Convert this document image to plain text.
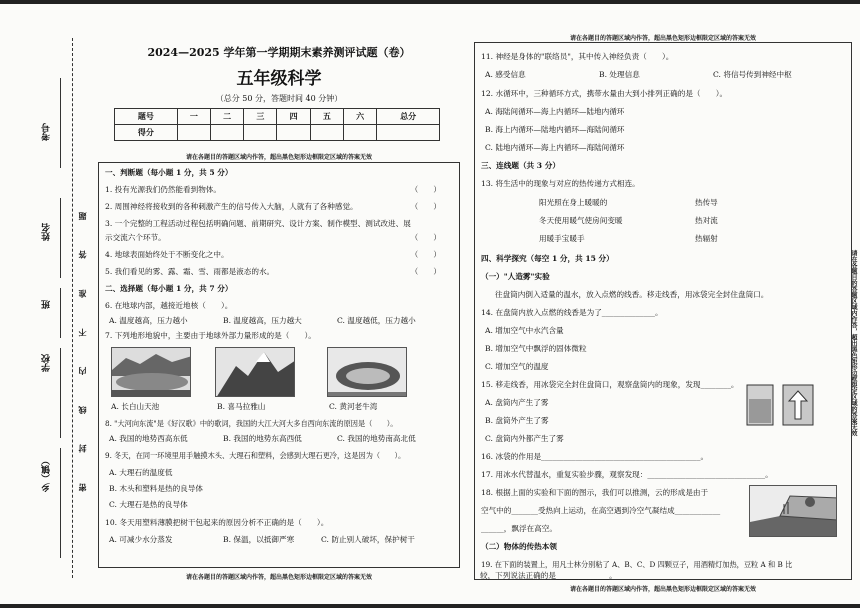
考号
姓名
班
学校
乡（镇）	密 封 线 内 不 准 答 题
2024—2025 学年第一学期期末素养测评试题（卷）
五年级科学
（总分 50 分，答题时间 40 分钟）
题号	一	二	三	四	五	六	总分
得分							
请在各题目的答题区域内作答，超出黑色矩形边框限定区域的答案无效
请在各题目的答题区域内作答，超出黑色矩形边框限定区域的答案无效
请在各题目的答题区域内作答，超出黑色矩形边框限定区域的答案无效
请在各题目的答题区域内作答，超出黑色矩形边框限定区域的答案无效
请在各题目的答题区域内作答，超出黑色矩形边框限定区域的答案无效
一、判断题（每小题 1 分，共 5 分）
1. 投有光源我们仍然能看到物体。	（　　）
2. 周围神经将接收到的各种刺激产生的信号传入大脑，人就有了各种感觉。	（　　）
3. 一个完整的工程活动过程包括明确问题、前期研究、设计方案、制作模型、测试改进、展
示交流六个环节。	（　　）
4. 地球表面始终处于不断变化之中。	（　　）
5. 我们看见的雾、露、霜、雪、雨都是液态的水。	（　　）
二、选择题（每小题 1 分，共 7 分）
6. 在地球内部，越接近地核（　　）。
A. 温度越高，压力越小	B. 温度越高，压力越大	C. 温度越低，压力越小
7. 下列地形地貌中，主要由于地球外部力量形成的是（　　）。
A. 长白山天池	B. 喜马拉雅山	C. 黄河老牛湾
8. "大河向东流"是《好汉歌》中的歌词，我国的大江大河大多自西向东流的原因是（　　）。
A. 我国的地势西高东低	B. 我国的地势东高西低	C. 我国的地势南高北低
9. 冬天，在同一环境里用手触摸木头、大理石和塑料，会感到大理石更冷，这是因为（　　）。
A. 大理石的温度低
B. 木头和塑料是热的良导体
C. 大理石是热的良导体
10. 冬天用塑料薄膜把树干包起来的原因分析不正确的是（　　）。
A. 可减少水分蒸发	B. 保温，以抵御严寒	C. 防止别人破坏，保护树干
11. 神经是身体的"联络员"，其中传入神经负责（　　）。
A. 感受信息	B. 处理信息	C. 将信号传到神经中枢
12. 水循环中，三种循环方式，携带水量由大到小排列正确的是（　　）。
A. 海陆间循环—海上内循环—陆地内循环
B. 海上内循环—陆地内循环—海陆间循环
C. 陆地内循环—海上内循环—海陆间循环
三、连线题（共 3 分）
13. 将生活中的现象与对应的热传递方式相连。
阳光照在身上暖暖的	热传导
冬天使用暖气使房间变暖	热对流
用暖手宝暖手	热辐射
四、科学探究（每空 1 分，共 15 分）
（一）"人造雾"实验
往盘筒内倒入适量的温水，放入点燃的线香。移走线香，用冰袋完全封住盘筒口。
14. 在盘筒内放入点燃的线香是为了______________。
A. 增加空气中水汽含量
B. 增加空气中飘浮的固体微粒
C. 增加空气的温度
15. 移走线香，用冰袋完全封住盘筒口，观察盘筒内的现象，发现________。
A. 盘筒内产生了雾
B. 盘筒外产生了雾
C. 盘筒内外都产生了雾
16. 冰袋的作用是__________________________________________。
17. 用冰水代替温水，重复实验步骤，观察发现：_______________________________。
18. 根据上面的实验和下面的图示，我们可以推测，云的形成是由于
空气中的_______受热向上运动，在高空遇到冷空气凝结成____________
______，飘浮在高空。
（二）物体的传热本领
19. 在下面的装置上，用凡士林分别粘了 A、B、C、D 四颗豆子，用酒精灯加热，豆粒 A 和 B 比
较，下列说法正确的是______________。
